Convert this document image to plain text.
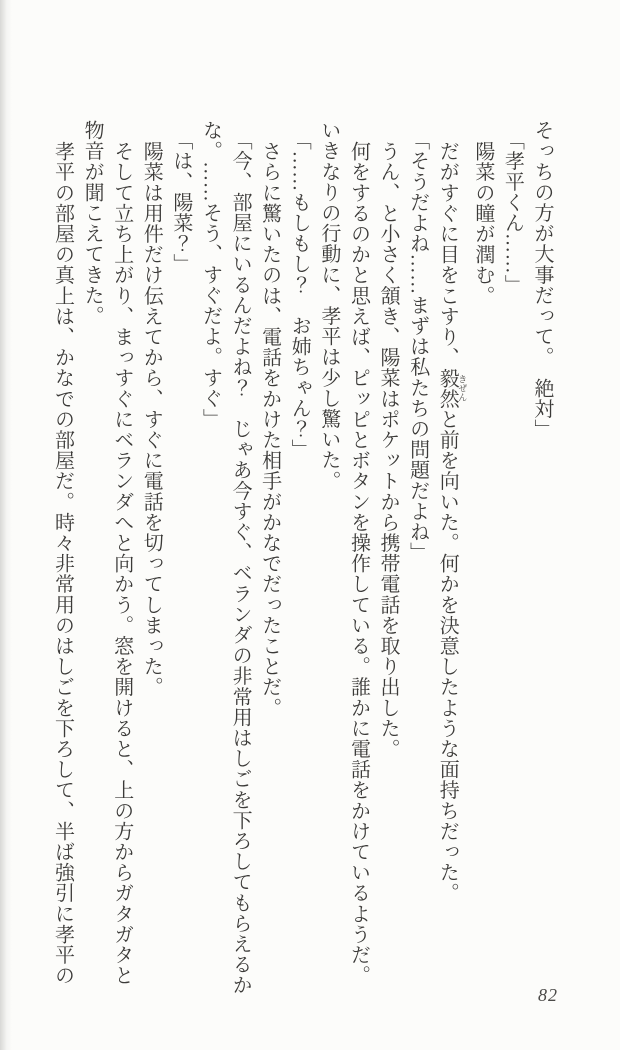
そっちの方が大事だって。　絶対」
「孝平くん……」
陽菜の瞳が潤む。
だがすぐに目をこすり、毅然 きぜんと前を向いた。何かを決意したような面持ちだった。
「そうだよね……まずは私たちの問題だよね」
うん、と小さく頷き、陽菜はポケットから携帯電話を取り出した。
何をするのかと思えば、ピッピとボタンを操作している。誰かに電話をかけているようだ。
いきなりの行動に、孝平は少し驚いた。
「……もしもし？　お姉ちゃん？」
さらに驚いたのは、電話をかけた相手がかなでだったことだ。
「今、部屋にいるんだよね？　じゃあ今すぐ、ベランダの非常用はしごを下ろしてもらえるか
な。……そう、すぐだよ。すぐ」
「は、陽菜？」
陽菜は用件だけ伝えてから、すぐに電話を切ってしまった。
そして立ち上がり、まっすぐにベランダへと向かう。窓を開けると、上の方からガタガタと
物音が聞こえてきた。
孝平の部屋の真上は、かなでの部屋だ。時々非常用のはしごを下ろして、半ば強引に孝平の
82
